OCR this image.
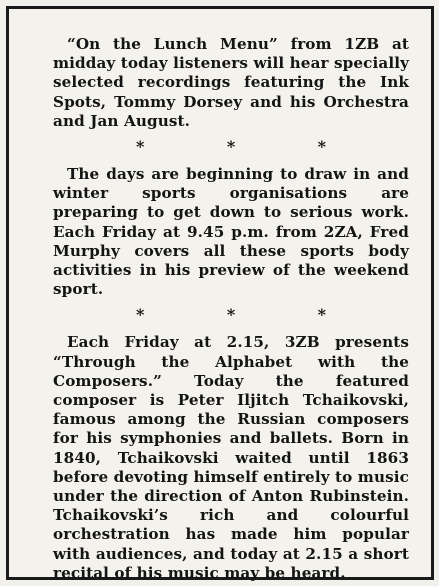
“On the Lunch Menu” from 1ZB at midday today listeners will hear specially selected recordings featuring the Ink Spots, Tommy Dorsey and his Orchestra and Jan August.

*	*	*

The days are beginning to draw in and winter sports organisations are preparing to get down to serious work. Each Friday at 9.45 p.m. from 2ZA, Fred Murphy covers all these sports body activities in his preview of the weekend sport.

*	*	*

Each Friday at 2.15, 3ZB presents “Through the Alphabet with the Composers.” Today the featured composer is Peter Iljitch Tchaikovski, famous among the Russian composers for his symphonies and ballets. Born in 1840, Tchaikovski waited until 1863 before devoting himself entirely to music under the direction of Anton Rubinstein. Tchaikovski’s rich and colourful orchestration has made him popular with audiences, and today at 2.15 a short recital of his music may be heard.
